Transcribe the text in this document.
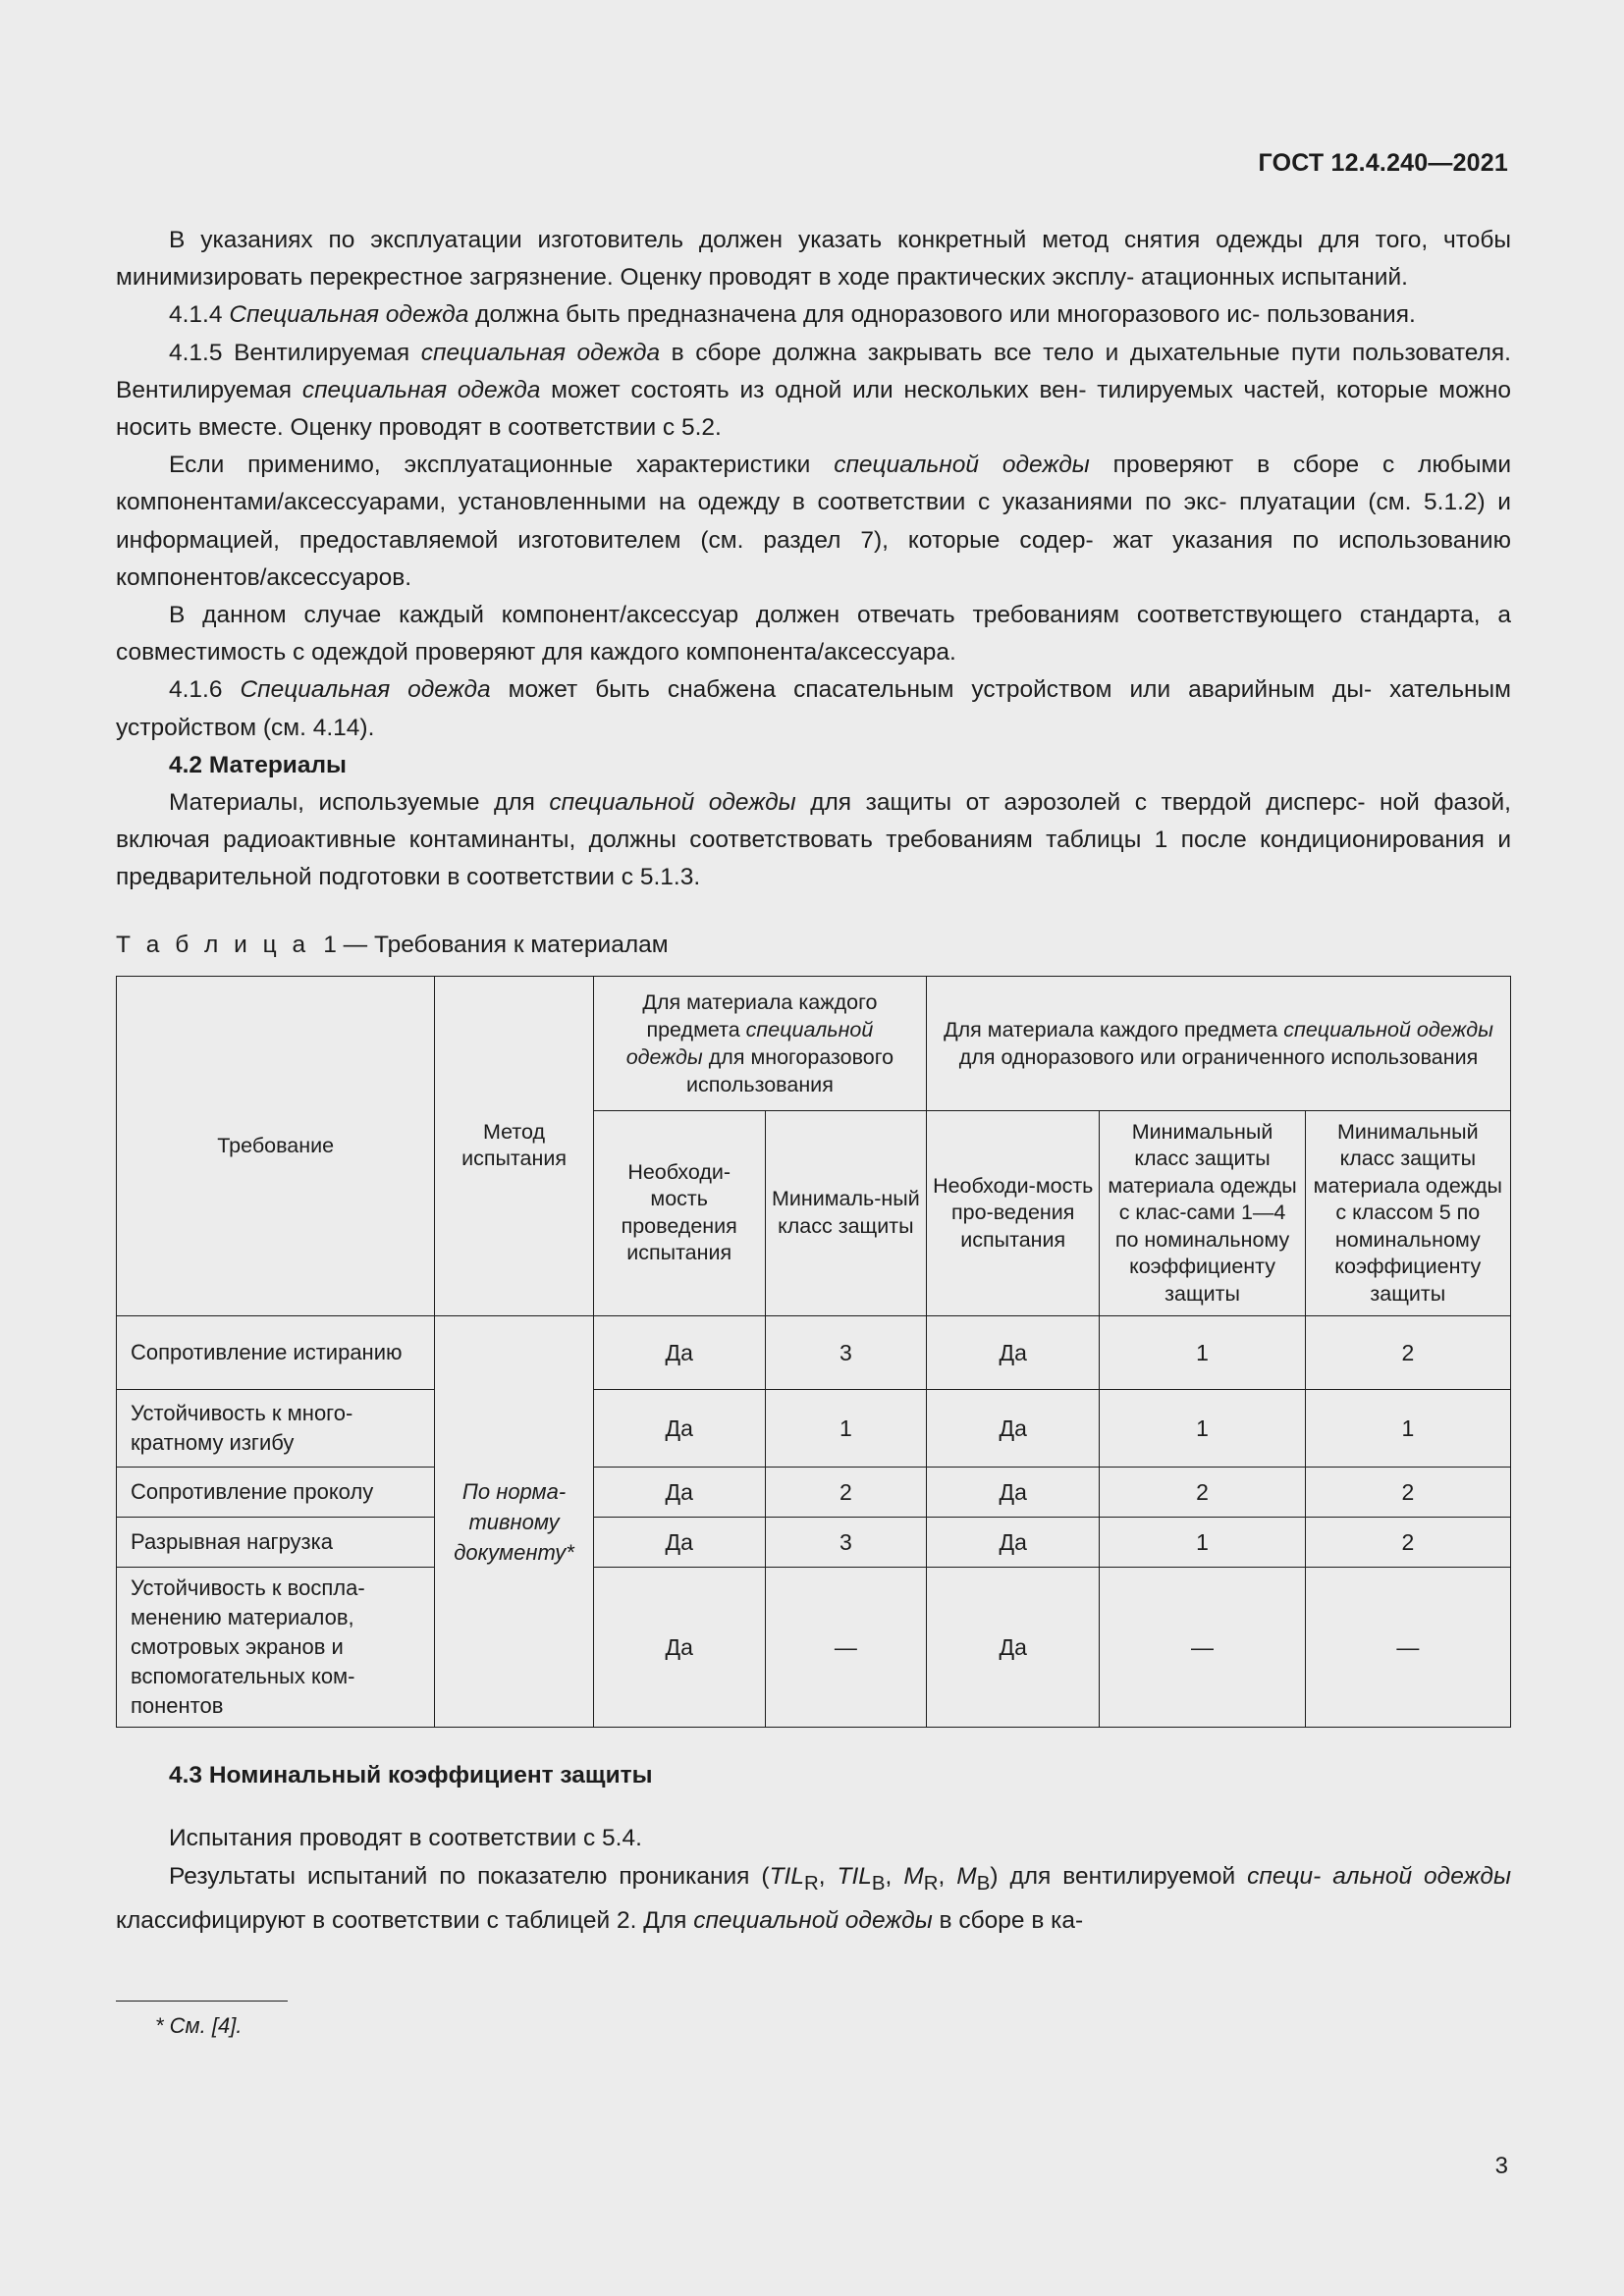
ГОСТ 12.4.240—2021

В указаниях по эксплуатации изготовитель должен указать конкретный метод снятия одежды для того, чтобы минимизировать перекрестное загрязнение. Оценку проводят в ходе практических эксплу- атационных испытаний.

4.1.4 Специальная одежда должна быть предназначена для одноразового или многоразового ис- пользования.

4.1.5 Вентилируемая специальная одежда в сборе должна закрывать все тело и дыхательные пути пользователя. Вентилируемая специальная одежда может состоять из одной или нескольких вен- тилируемых частей, которые можно носить вместе. Оценку проводят в соответствии с 5.2.

Если применимо, эксплуатационные характеристики специальной одежды проверяют в сборе с любыми компонентами/аксессуарами, установленными на одежду в соответствии с указаниями по экс- плуатации (см. 5.1.2) и информацией, предоставляемой изготовителем (см. раздел 7), которые содер- жат указания по использованию компонентов/аксессуаров.

В данном случае каждый компонент/аксессуар должен отвечать требованиям соответствующего стандарта, а совместимость с одеждой проверяют для каждого компонента/аксессуара.

4.1.6 Специальная одежда может быть снабжена спасательным устройством или аварийным ды- хательным устройством (см. 4.14).

4.2 Материалы

Материалы, используемые для специальной одежды для защиты от аэрозолей с твердой дисперс- ной фазой, включая радиоактивные контаминанты, должны соответствовать требованиям таблицы 1 после кондиционирования и предварительной подготовки в соответствии с 5.1.3.

Т а б л и ц а 1 — Требования к материалам

Требование	Метод испытания	Для материала каждого предмета специальной одежды для многоразового использования		Для материала каждого предмета специальной одежды для одноразового или ограниченного использования		
		Необходи-мость проведения испытания	Минималь-ный класс защиты	Необходи-мость про-ведения испытания	Минимальный класс защиты материала одежды с клас-сами 1—4 по номинальному коэффициенту защиты	Минимальный класс защиты материала одежды с классом 5 по номинальному коэффициенту защиты
Сопротивление истиранию	По норма-тивному документу*	Да	3	Да	1	2
Устойчивость к много-кратному изгибу		Да	1	Да	1	1
Сопротивление проколу		Да	2	Да	2	2
Разрывная нагрузка		Да	3	Да	1	2
Устойчивость к воспла-менению материалов, смотровых экранов и вспомогательных ком-понентов		Да	—	Да	—	—
4.3 Номинальный коэффициент защиты

Испытания проводят в соответствии с 5.4.

Результаты испытаний по показателю проникания ($TIL_R$, $TIL_B$, $M_R$, $M_B$) для вентилируемой специ- альной одежды классифицируют в соответствии с таблицей 2. Для специальной одежды в сборе в ка-

* См. [4].

3
